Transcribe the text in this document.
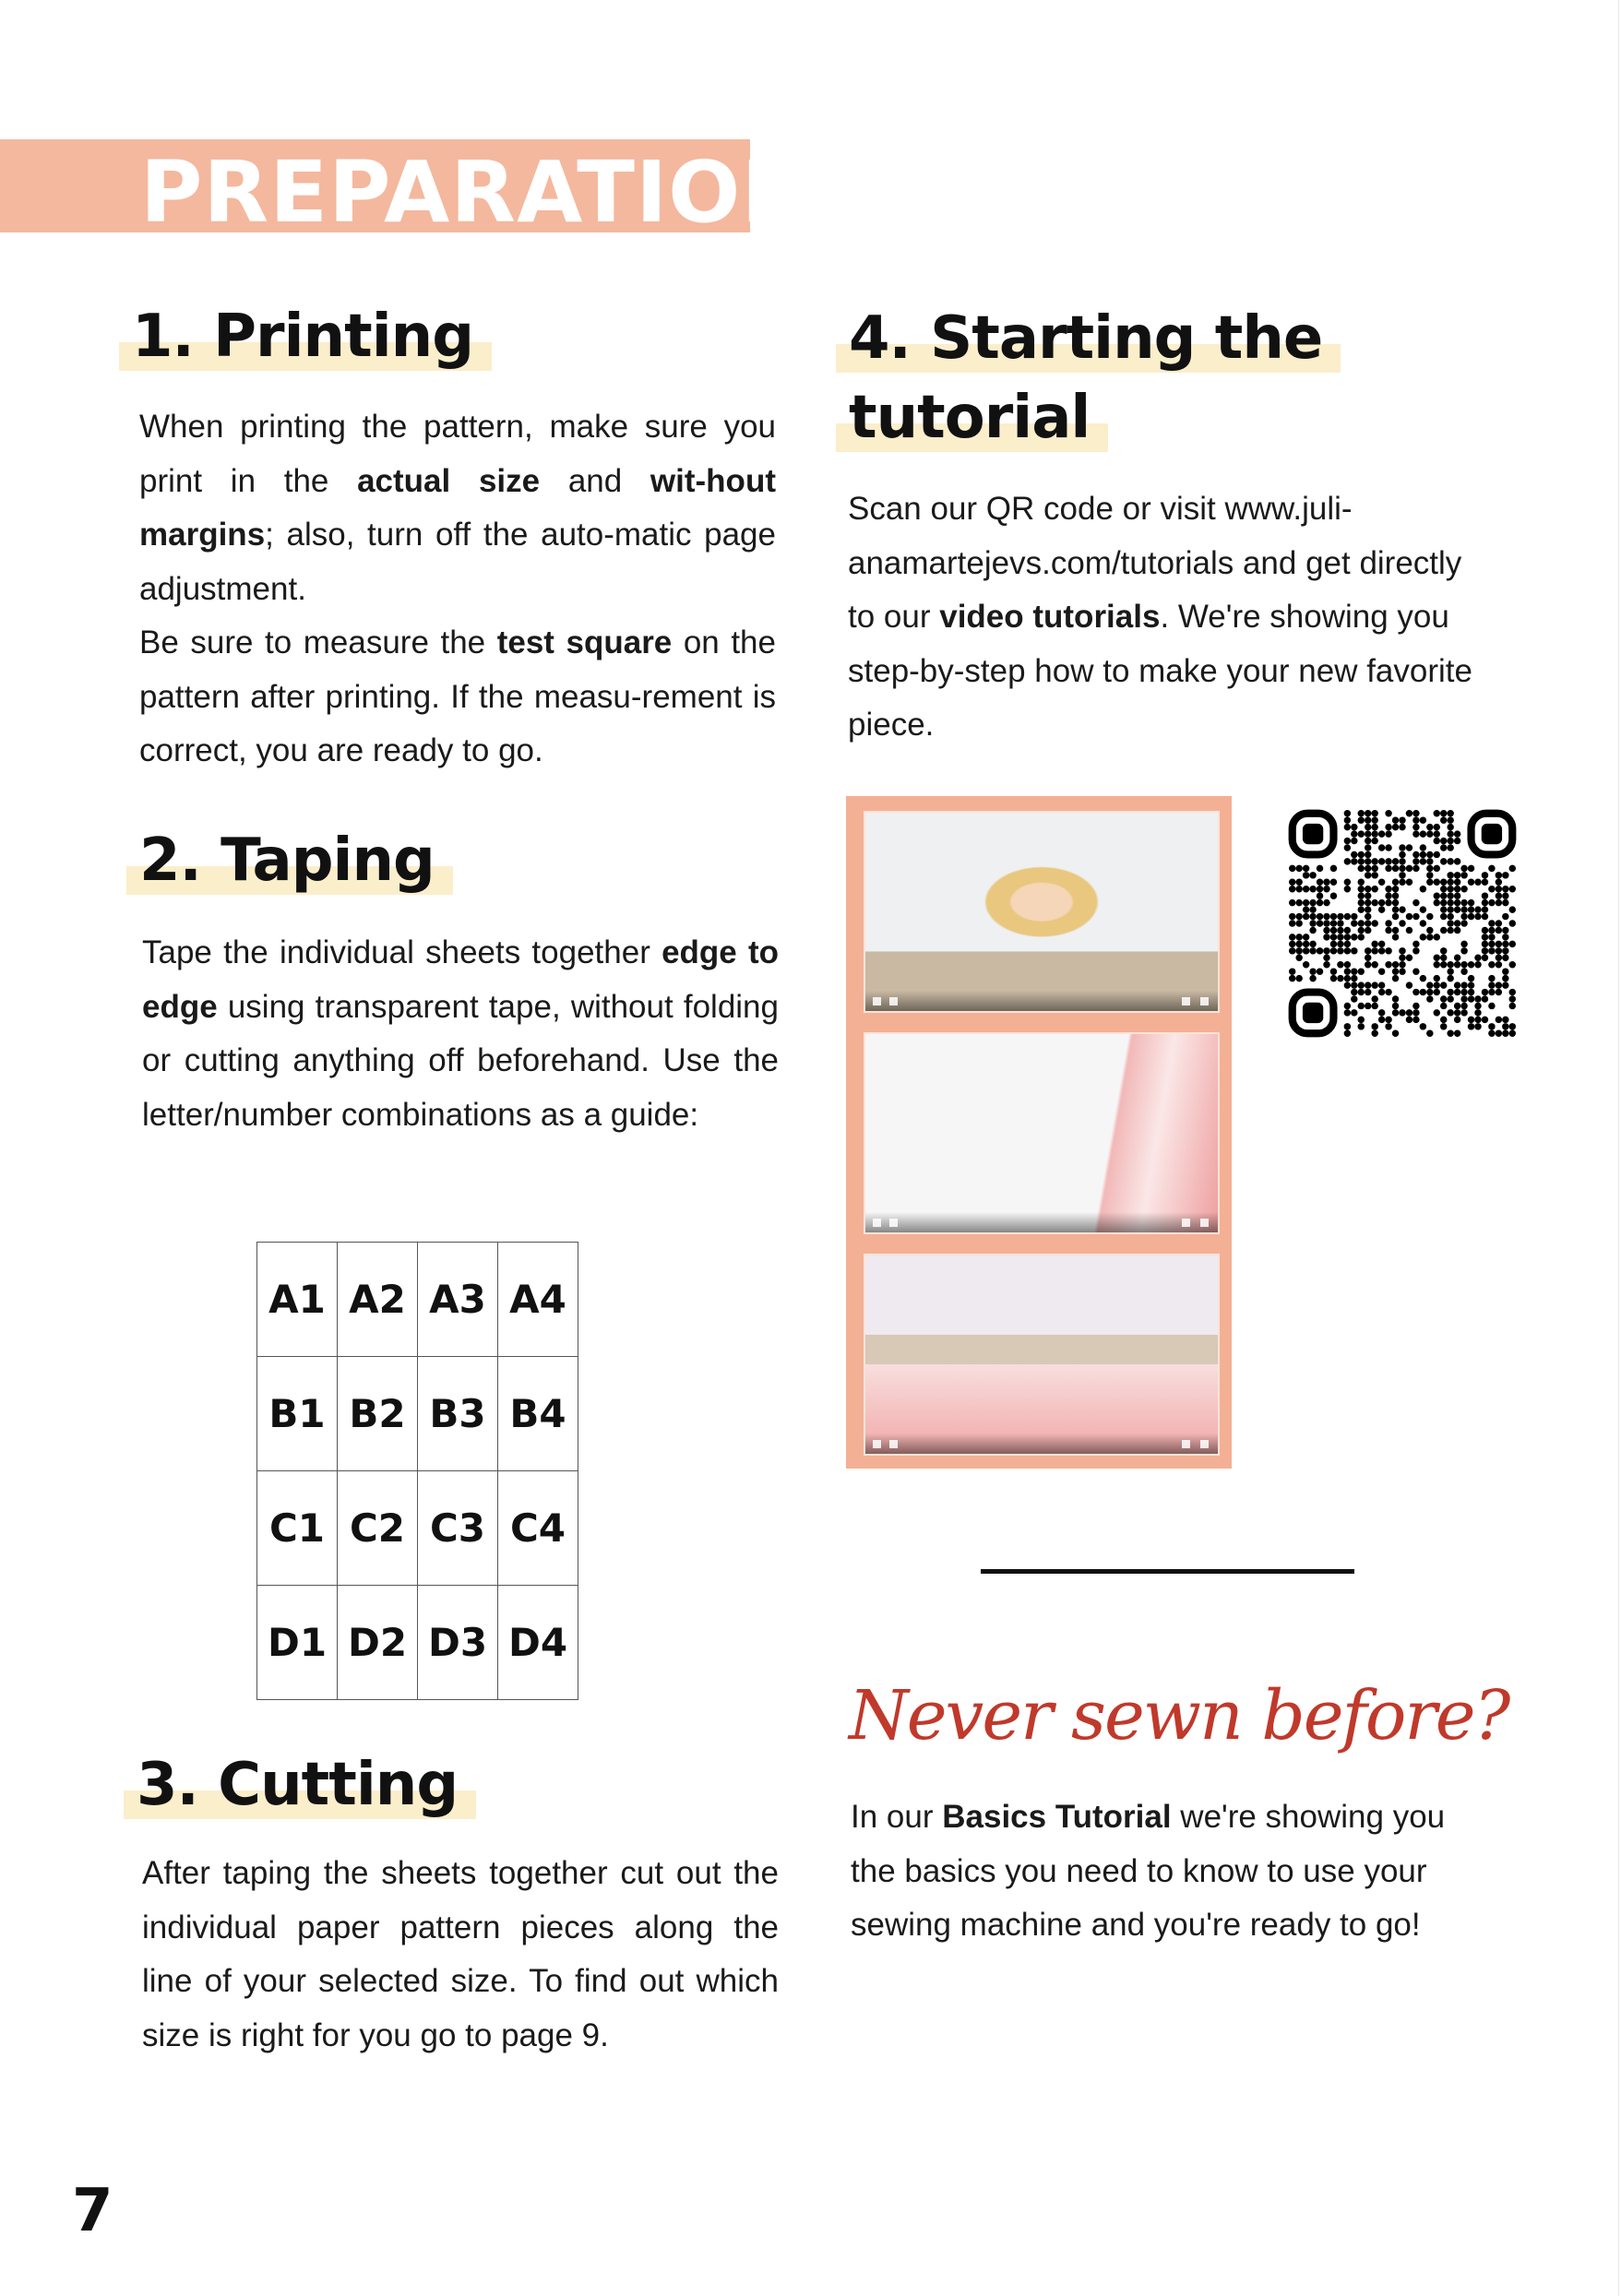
PREPARATION
1. Printing
When printing the pattern, make sure you print in the actual size and wit-hout margins; also, turn off the auto-matic page adjustment.
Be sure to measure the test square on the pattern after printing. If the measu-rement is correct, you are ready to go.
2. Taping
Tape the individual sheets together edge to edge using transparent tape, without folding or cutting anything off beforehand. Use the letter/number combinations as a guide:
A1	A2	A3	A4
B1	B2	B3	B4
C1	C2	C3	C4
D1	D2	D3	D4
3. Cutting
After taping the sheets together cut out the individual paper pattern pieces along the line of your selected size. To find out which size is right for you go to page 9.
7
4. Starting the
tutorial
Scan our QR code or visit www.juli-anamartejevs.com/tutorials and get directly to our video tutorials. We're showing you step-by-step how to make your new favorite piece.
Never sewn before?
In our Basics Tutorial we're showing you the basics you need to know to use your sewing machine and you're ready to go!
